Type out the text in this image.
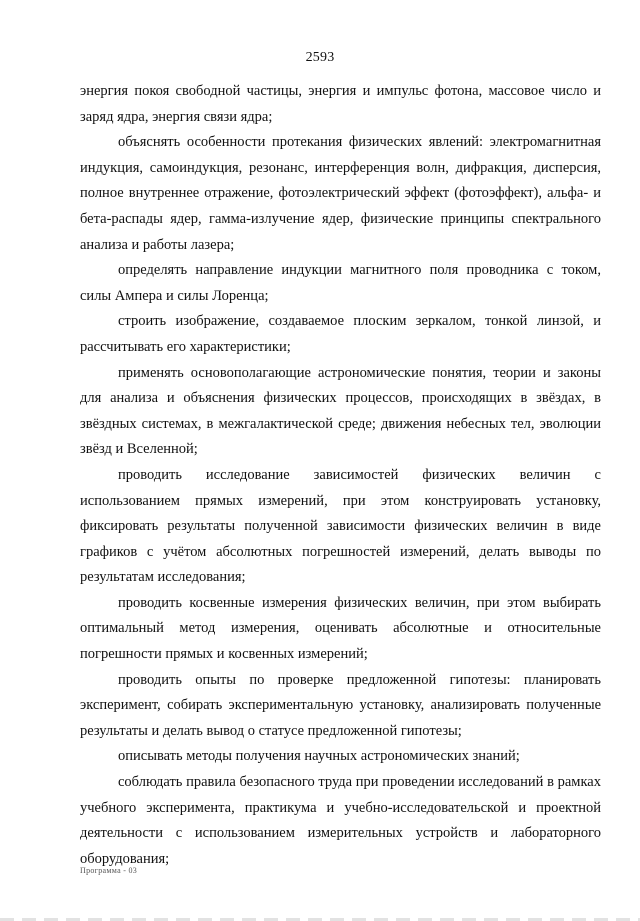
2593

энергия покоя свободной частицы, энергия и импульс фотона, массовое число и заряд ядра, энергия связи ядра;

объяснять особенности протекания физических явлений: электромагнитная индукция, самоиндукция, резонанс, интерференция волн, дифракция, дисперсия, полное внутреннее отражение, фотоэлектрический эффект (фотоэффект), альфа- и бета-распады ядер, гамма-излучение ядер, физические принципы спектрального анализа и работы лазера;

определять направление индукции магнитного поля проводника с током, силы Ампера и силы Лоренца;

строить изображение, создаваемое плоским зеркалом, тонкой линзой, и рассчитывать его характеристики;

применять основополагающие астрономические понятия, теории и законы для анализа и объяснения физических процессов, происходящих в звёздах, в звёздных системах, в межгалактической среде; движения небесных тел, эволюции звёзд и Вселенной;

проводить исследование зависимостей физических величин с использованием прямых измерений, при этом конструировать установку, фиксировать результаты полученной зависимости физических величин в виде графиков с учётом абсолютных погрешностей измерений, делать выводы по результатам исследования;

проводить косвенные измерения физических величин, при этом выбирать оптимальный метод измерения, оценивать абсолютные и относительные погрешности прямых и косвенных измерений;

проводить опыты по проверке предложенной гипотезы: планировать эксперимент, собирать экспериментальную установку, анализировать полученные результаты и делать вывод о статусе предложенной гипотезы;

описывать методы получения научных астрономических знаний;

соблюдать правила безопасного труда при проведении исследований в рамках учебного эксперимента, практикума и учебно-исследовательской и проектной деятельности с использованием измерительных устройств и лабораторного оборудования;

Программа - 03
